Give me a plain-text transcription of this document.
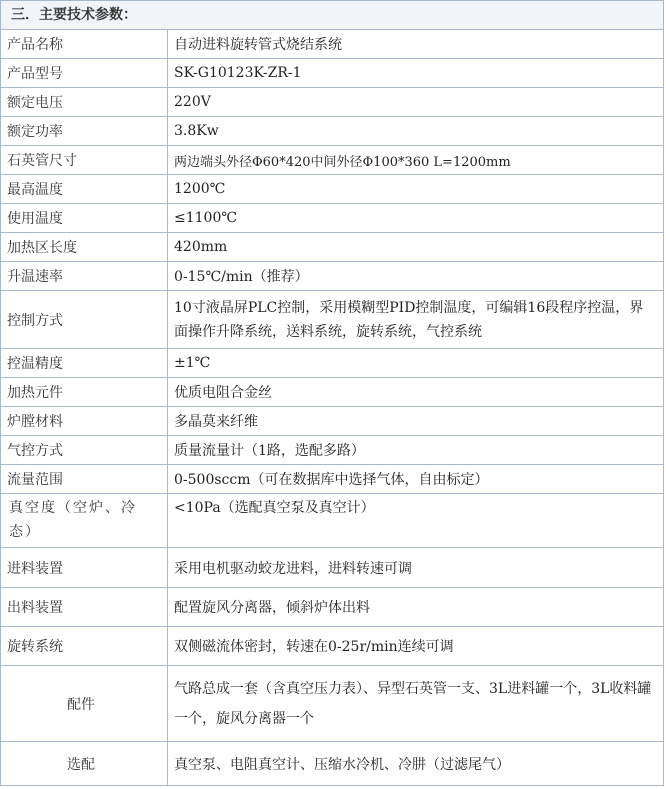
三．主要技术参数：
产品名称	自动进料旋转管式烧结系统
产品型号	SK-G10123K-ZR-1
额定电压	220V
额定功率	3.8Kw
石英管尺寸	两边端头外径Φ60*420中间外径Φ100*360 L=1200mm
最高温度	1200℃
使用温度	≤1100℃
加热区长度	420mm
升温速率	0-15℃/min（推荐）
控制方式	10寸液晶屏PLC控制，采用模糊型PID控制温度，可编辑16段程序控温，界面操作升降系统，送料系统，旋转系统，气控系统
控温精度	±1℃
加热元件	优质电阻合金丝
炉膛材料	多晶莫来纤维
气控方式	质量流量计（1路，选配多路）
流量范围	0-500sccm（可在数据库中选择气体，自由标定）
真空度（空炉、冷态）	<10Pa（选配真空泵及真空计）
进料装置	采用电机驱动蛟龙进料，进料转速可调
出料装置	配置旋风分离器，倾斜炉体出料
旋转系统	双侧磁流体密封，转速在0-25r/min连续可调
配件	气路总成一套（含真空压力表）、异型石英管一支、3L进料罐一个，3L收料罐一个，旋风分离器一个
选配	真空泵、电阻真空计、压缩水冷机、冷肼（过滤尾气）
